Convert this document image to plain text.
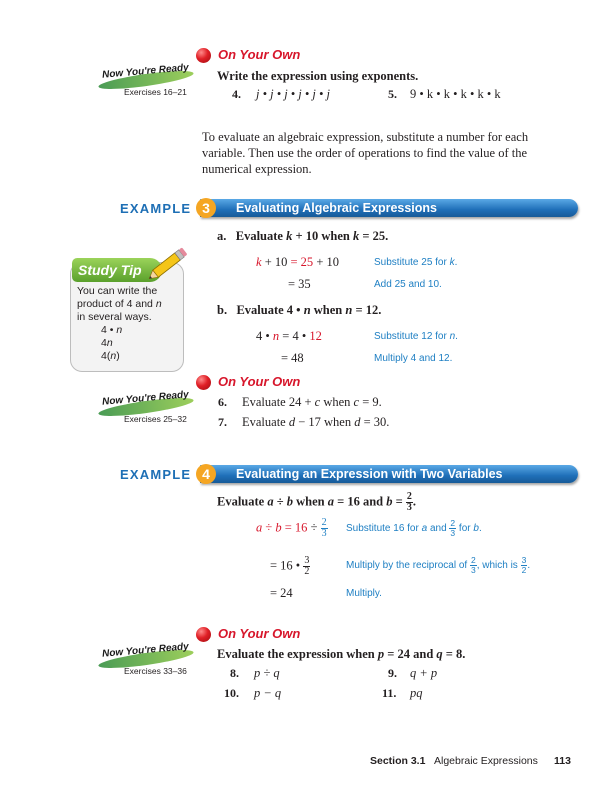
On Your Own
Now You're Ready
Exercises 16–21
Write the expression using exponents.
4. j • j • j • j • j • j	5. 9 • k • k • k • k • k
To evaluate an algebraic expression, substitute a number for each
variable. Then use the order of operations to find the value of the
numerical expression.
EXAMPLE	Evaluating Algebraic Expressions
3
a.   Evaluate k + 10 when k = 25.
k + 10 = 25 + 10	Substitute 25 for k.
= 35	Add 25 and 10.
b.   Evaluate 4 • n when n = 12.
4 • n = 4 • 12	Substitute 12 for n.
= 48	Multiply 4 and 12.
Study Tip
You can write the
product of 4 and n
in several ways.
4 • n
4n
4(n)
On Your Own
Now You're Ready
Exercises 25–32
6. Evaluate 24 + c when c = 9.
7. Evaluate d − 17 when d = 30.
EXAMPLE	Evaluating an Expression with Two Variables
4
Evaluate a ÷ b when a = 16 and $b = \frac{2}{3}$ .
$a \div b = 16 \div \frac{2}{3}$ Substitute 16 for a and $\frac{2}{3}$ for b.
= 16 • $\frac{3}{2}$	Multiply by the reciprocal of $\frac{2}{3}$ , which is $\frac{3}{2}$ .
= 24	Multiply.
On Your Own
Now You're Ready
Exercises 33–36
Evaluate the expression when p = 24 and q = 8.
8. p ÷ q	9. q + p
10. p − q	11. pq
Section 3.1 Algebraic Expressions 113
